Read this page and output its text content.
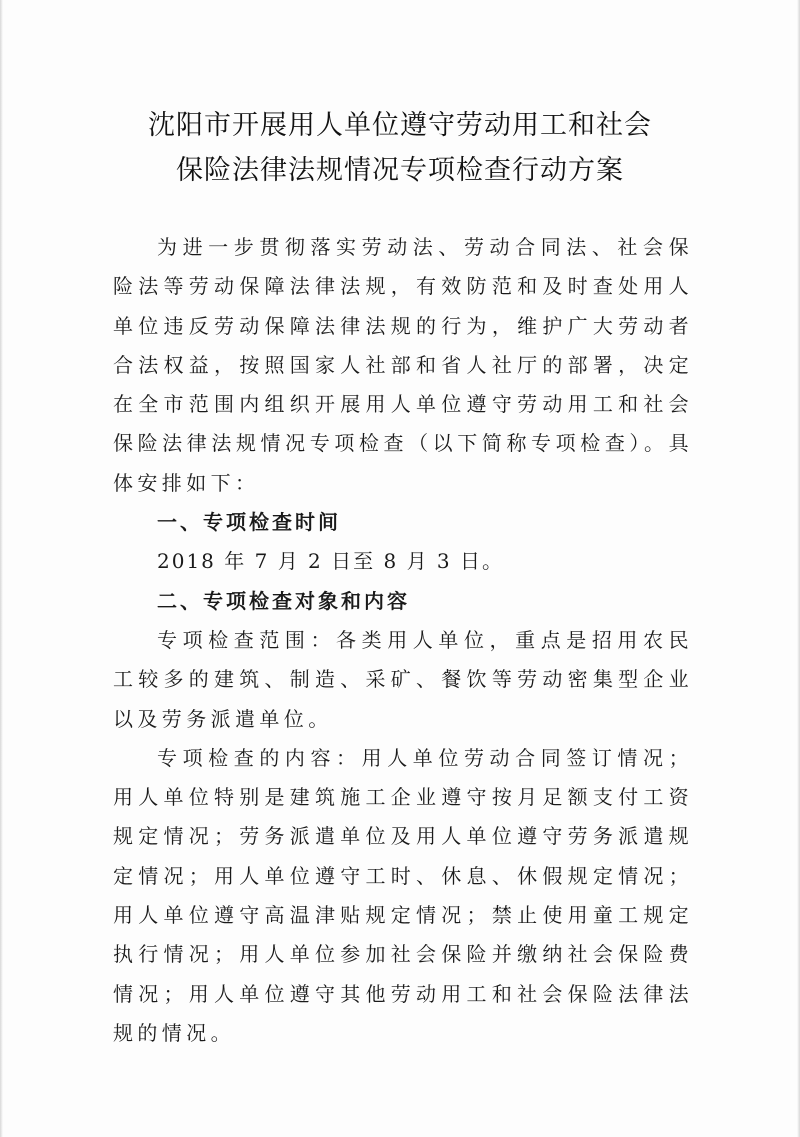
沈阳市开展用人单位遵守劳动用工和社会
保险法律法规情况专项检查行动方案

为进一步贯彻落实劳动法、劳动合同法、社会保险法等劳动保障法律法规，有效防范和及时查处用人单位违反劳动保障法律法规的行为，维护广大劳动者合法权益，按照国家人社部和省人社厅的部署，决定在全市范围内组织开展用人单位遵守劳动用工和社会保险法律法规情况专项检查（以下简称专项检查）。具体安排如下：

一、专项检查时间

2018 年 7 月 2 日至 8 月 3 日。

二、专项检查对象和内容

专项检查范围：各类用人单位，重点是招用农民工较多的建筑、制造、采矿、餐饮等劳动密集型企业以及劳务派遣单位。

专项检查的内容：用人单位劳动合同签订情况；用人单位特别是建筑施工企业遵守按月足额支付工资规定情况；劳务派遣单位及用人单位遵守劳务派遣规定情况；用人单位遵守工时、休息、休假规定情况；用人单位遵守高温津贴规定情况；禁止使用童工规定执行情况；用人单位参加社会保险并缴纳社会保险费情况；用人单位遵守其他劳动用工和社会保险法律法规的情况。
